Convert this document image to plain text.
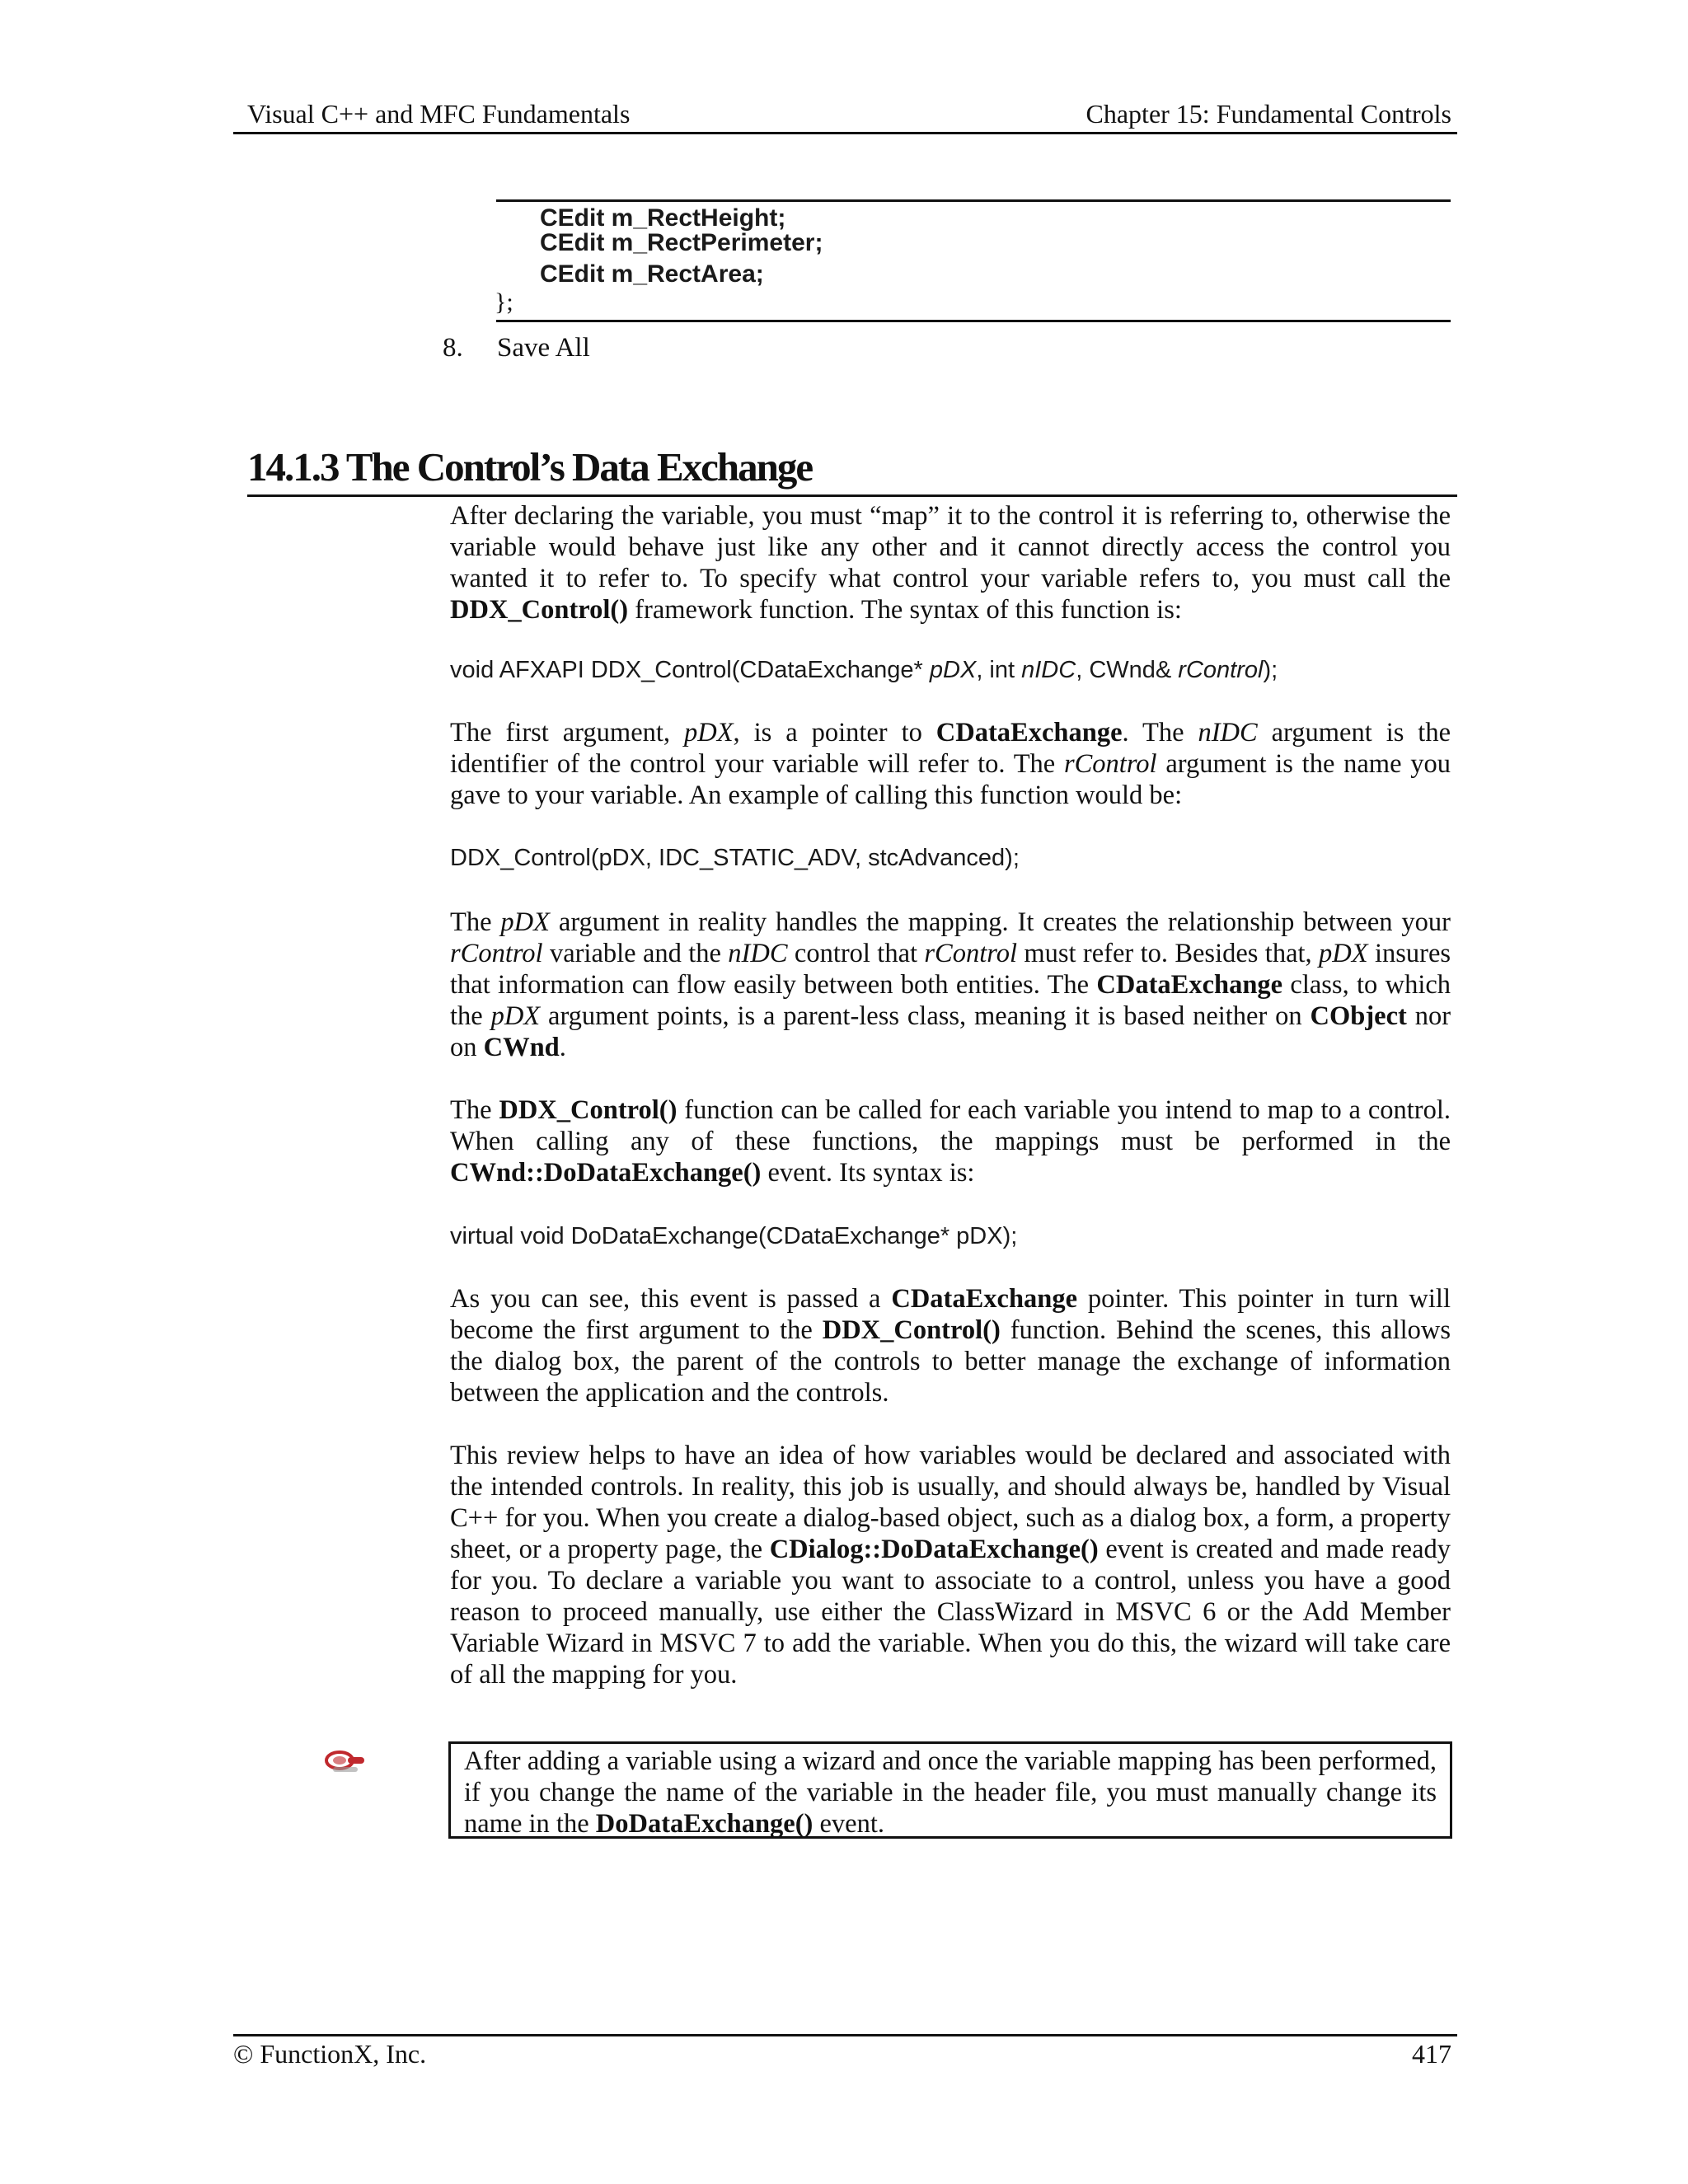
Visual C++ and MFC Fundamentals	Chapter 15: Fundamental Controls
CEdit m_RectHeight;
CEdit m_RectPerimeter;
CEdit m_RectArea;
};
8. Save All
14.1.3 The Control’s Data Exchange
After declaring the variable, you must “map” it to the control it is referring to, otherwise the variable would behave just like any other and it cannot directly access the control you wanted it to refer to. To specify what control your variable refers to, you must call the DDX_Control() framework function. The syntax of this function is:
void AFXAPI DDX_Control(CDataExchange* pDX, int nIDC, CWnd& rControl);
The first argument, pDX, is a pointer to CDataExchange. The nIDC argument is the identifier of the control your variable will refer to. The rControl argument is the name you gave to your variable. An example of calling this function would be:
DDX_Control(pDX, IDC_STATIC_ADV, stcAdvanced);
The pDX argument in reality handles the mapping. It creates the relationship between your rControl variable and the nIDC control that rControl must refer to. Besides that, pDX insures that information can flow easily between both entities. The CDataExchange class, to which the pDX argument points, is a parent-less class, meaning it is based neither on CObject nor on CWnd.
The DDX_Control() function can be called for each variable you intend to map to a control. When calling any of these functions, the mappings must be performed in the CWnd::DoDataExchange() event. Its syntax is:
virtual void DoDataExchange(CDataExchange* pDX);
As you can see, this event is passed a CDataExchange pointer. This pointer in turn will become the first argument to the DDX_Control() function. Behind the scenes, this allows the dialog box, the parent of the controls to better manage the exchange of information between the application and the controls.
This review helps to have an idea of how variables would be declared and associated with the intended controls. In reality, this job is usually, and should always be, handled by Visual C++ for you. When you create a dialog-based object, such as a dialog box, a form, a property sheet, or a property page, the CDialog::DoDataExchange() event is created and made ready for you. To declare a variable you want to associate to a control, unless you have a good reason to proceed manually, use either the ClassWizard in MSVC 6 or the Add Member Variable Wizard in MSVC 7 to add the variable. When you do this, the wizard will take care of all the mapping for you.
After adding a variable using a wizard and once the variable mapping has been performed, if you change the name of the variable in the header file, you must manually change its name in the DoDataExchange() event.
© FunctionX, Inc.	417
